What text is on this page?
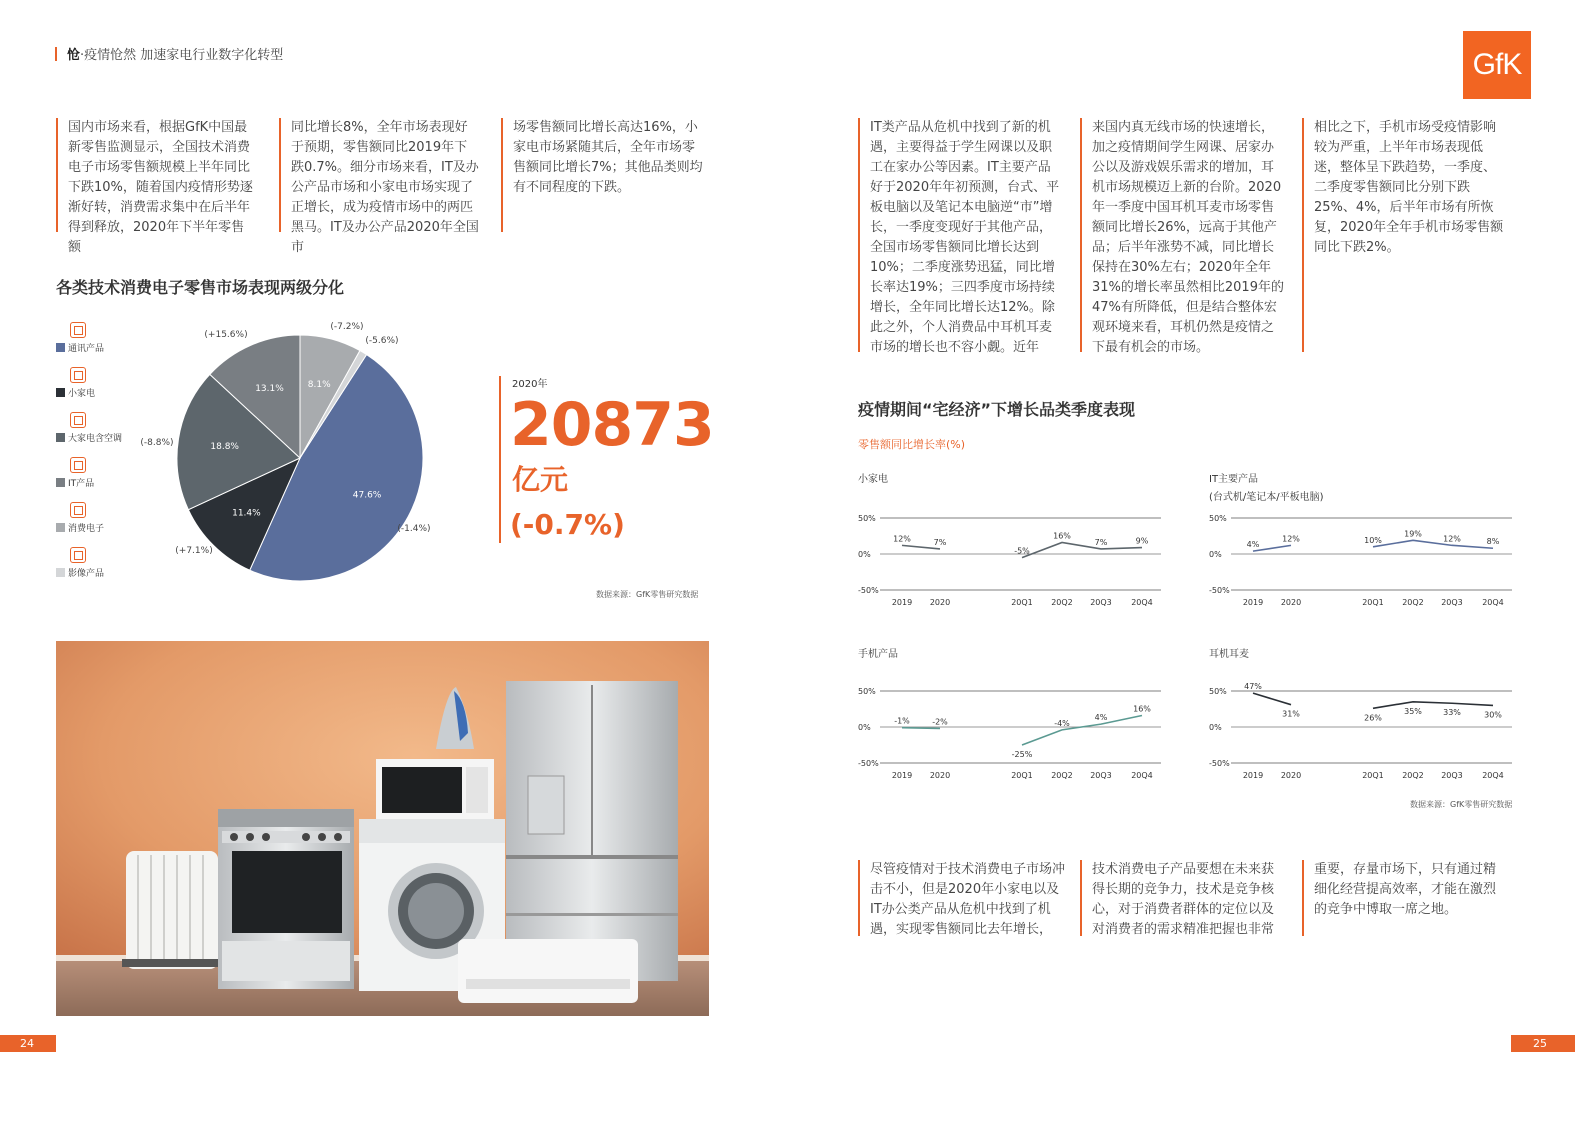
怆·疫情怆然 加速家电行业数字化转型	GfK
国内市场来看，根据GfK中国最新零售监测显示，全国技术消费电子市场零售额规模上半年同比下跌10%，随着国内疫情形势逐渐好转，消费需求集中在后半年得到释放，2020年下半年零售额
同比增长8%，全年市场表现好于预期，零售额同比2019年下跌0.7%。细分市场来看，IT及办公产品市场和小家电市场实现了正增长，成为疫情市场中的两匹黑马。IT及办公产品2020年全国市
场零售额同比增长高达16%，小家电市场紧随其后，全年市场零售额同比增长7%；其他品类则均有不同程度的下跌。
各类技术消费电子零售市场表现两级分化
通讯产品
小家电
大家电含空调
IT产品
消费电子
影像产品
47.6%
(-1.4%)
11.4%
(+7.1%)
18.8%
(-8.8%)
13.1%
(+15.6%)
8.1%
(-7.2%)
(-5.6%)
2020年
20873
亿元
(-0.7%)
数据来源：GfK零售研究数据
24	25
IT类产品从危机中找到了新的机遇，主要得益于学生网课以及职工在家办公等因素。IT主要产品好于2020年年初预测，台式、平板电脑以及笔记本电脑逆“市”增长，一季度变现好于其他产品，全国市场零售额同比增长达到10%；二季度涨势迅猛，同比增长率达19%；三四季度市场持续增长，全年同比增长达12%。除此之外，个人消费品中耳机耳麦市场的增长也不容小觑。近年
来国内真无线市场的快速增长，加之疫情期间学生网课、居家办公以及游戏娱乐需求的增加，耳机市场规模迈上新的台阶。2020年一季度中国耳机耳麦市场零售额同比增长26%，远高于其他产品；后半年涨势不减，同比增长保持在30%左右；2020年全年31%的增长率虽然相比2019年的47%有所降低，但是结合整体宏观环境来看，耳机仍然是疫情之下最有机会的市场。
相比之下，手机市场受疫情影响较为严重，上半年市场表现低迷，整体呈下跌趋势，一季度、二季度零售额同比分别下跌25%、4%，后半年市场有所恢复，2020年全年手机市场零售额同比下跌2%。
疫情期间“宅经济”下增长品类季度表现
零售额同比增长率(%)
小家电
50%
0%
-50%
2019 2020	20Q1 20Q2 20Q3 20Q4
12%	7%
-5%
16%
7%	9%
IT主要产品
(台式机/笔记本/平板电脑)
50%
0%
-50%
2019 2020	20Q1 20Q2 20Q3 20Q4
4%
12%	10%
19%
12%	8%
手机产品
50%
0%
-50%
2019 2020	20Q1 20Q2 20Q3 20Q4
-1%	-2%
-25%
-4%
4%
16%
耳机耳麦
50%
0%
-50%
2019 2020	20Q1 20Q2 20Q3 20Q4
47%
31%	26%
35%	33%	30%
数据来源：GfK零售研究数据
尽管疫情对于技术消费电子市场冲击不小，但是2020年小家电以及IT办公类产品从危机中找到了机遇，实现零售额同比去年增长，
技术消费电子产品要想在未来获得长期的竞争力，技术是竞争核心，对于消费者群体的定位以及对消费者的需求精准把握也非常
重要，存量市场下，只有通过精细化经营提高效率，才能在激烈的竞争中博取一席之地。
